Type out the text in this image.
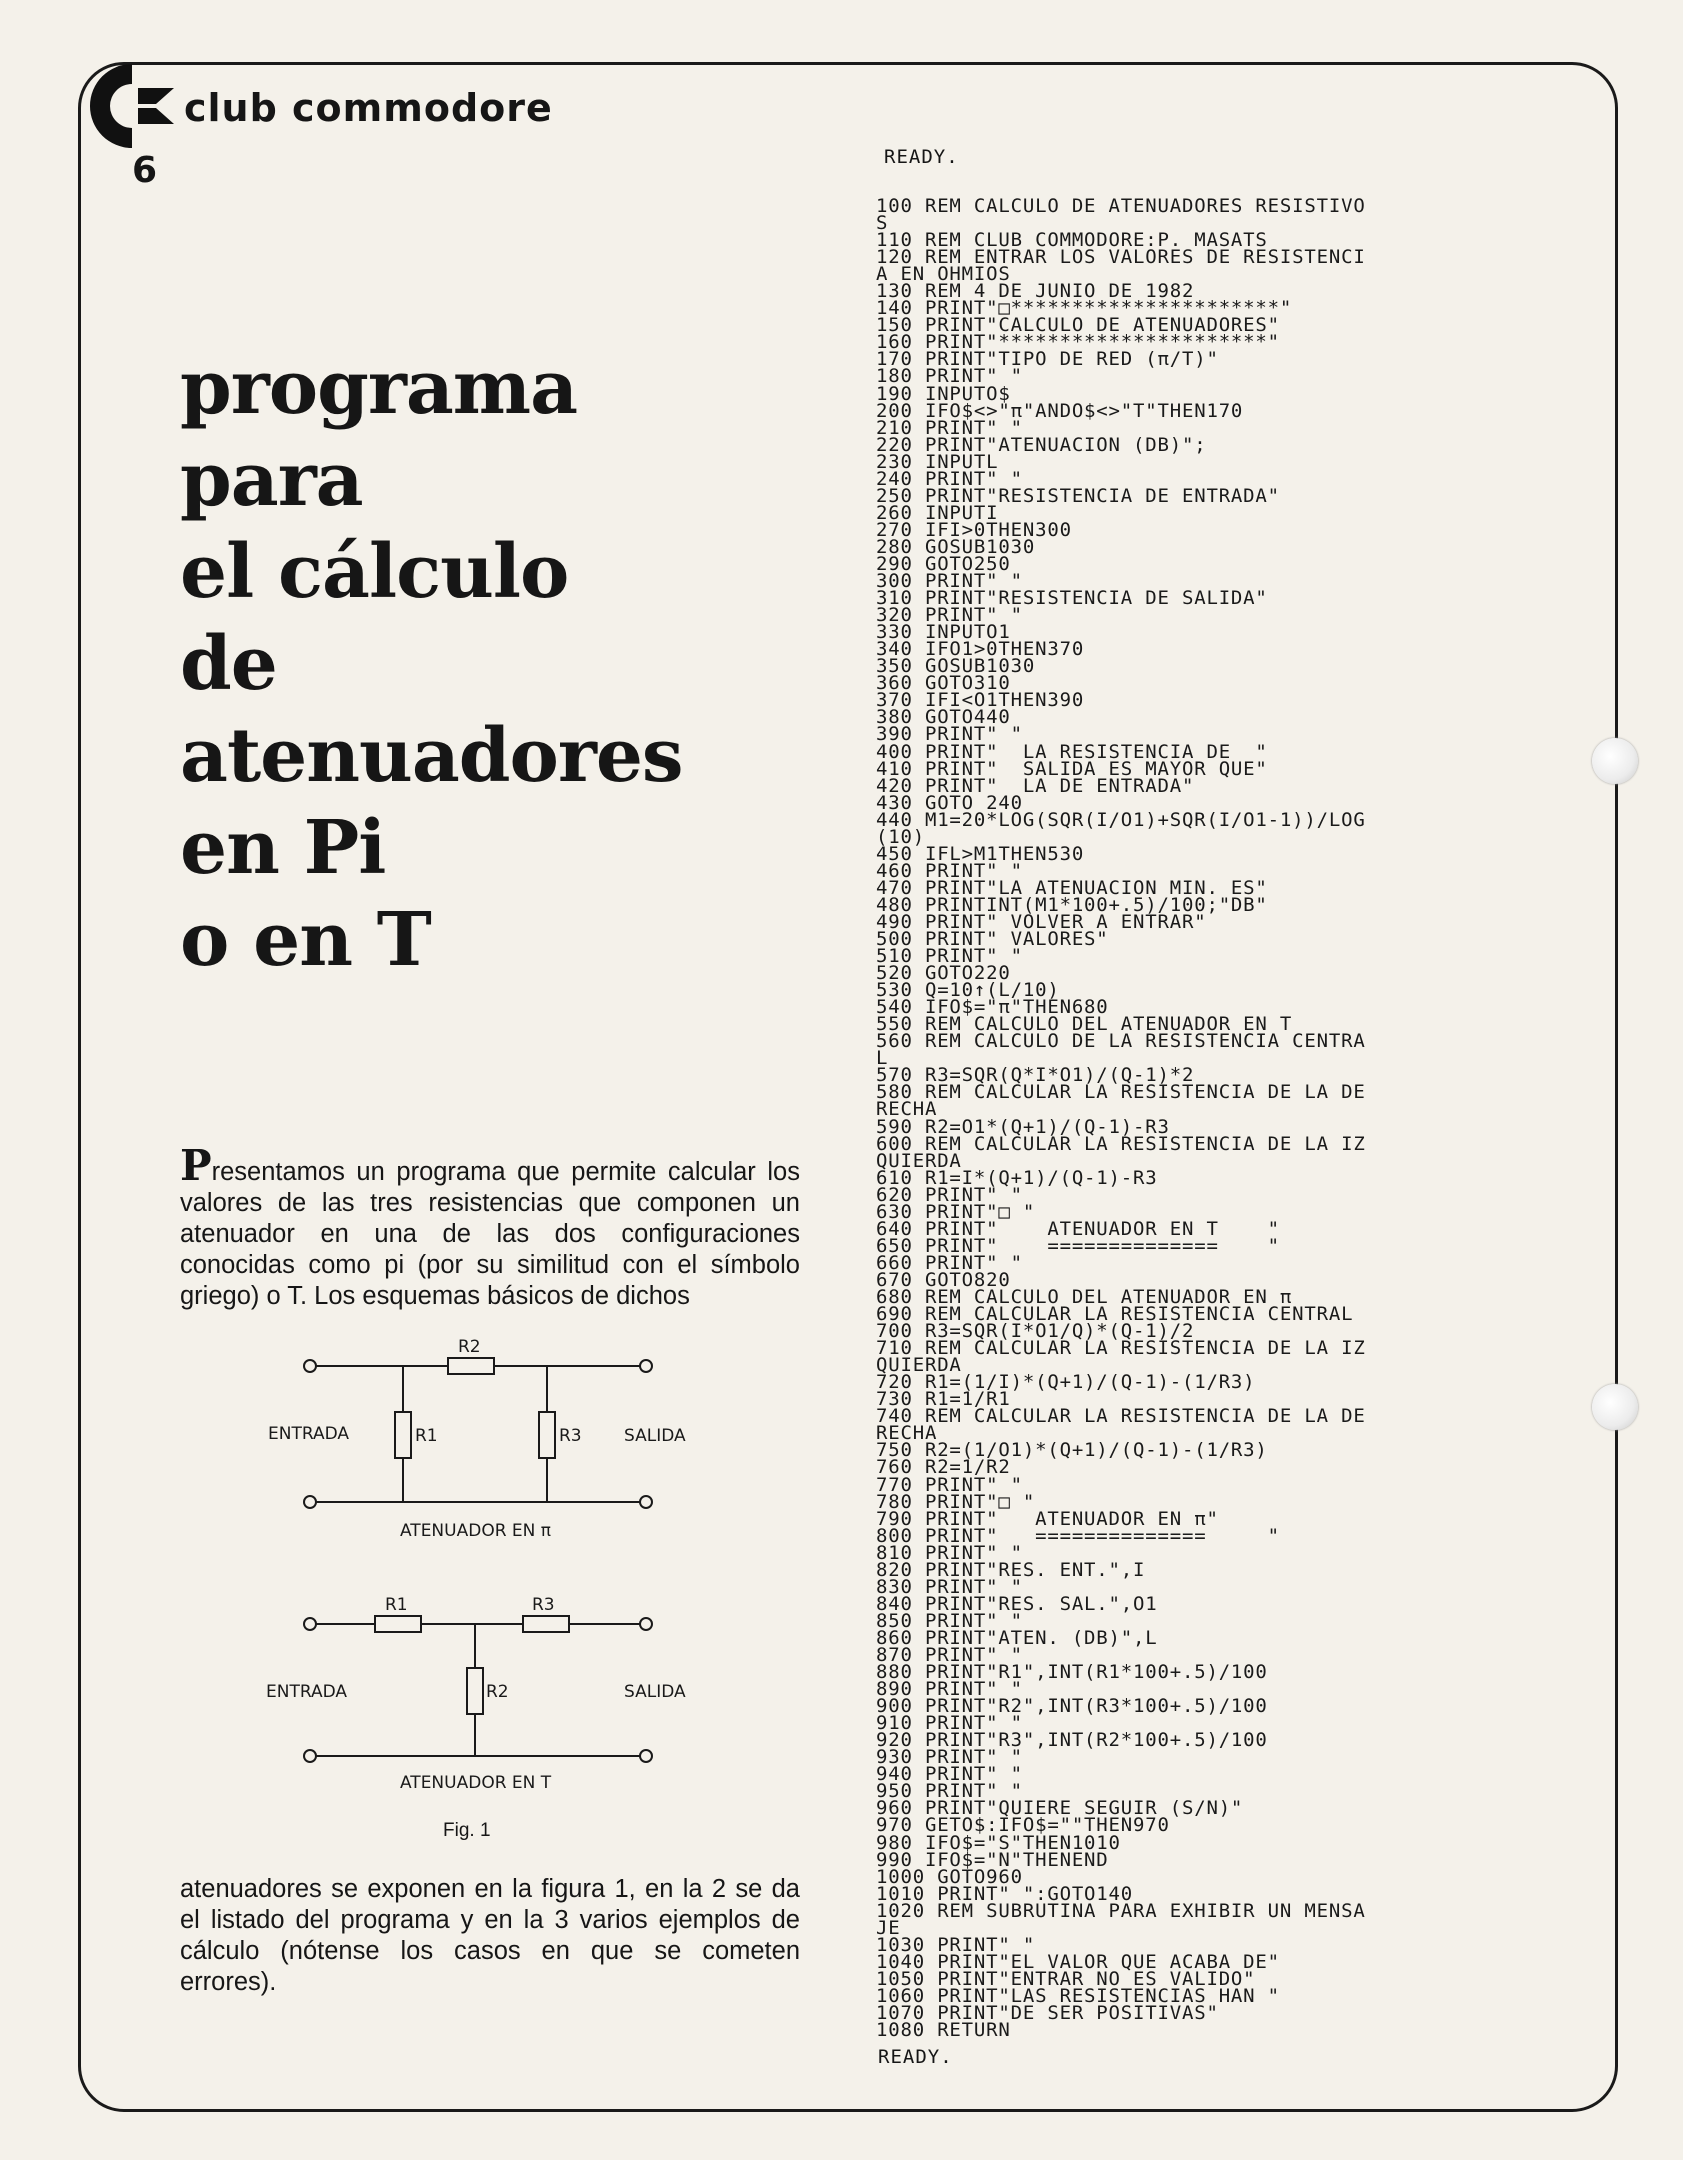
club commodore
6
programa
para
el cálculo
de
atenuadores
en Pi
o en T

Presentamos un programa que permite calcular los valores de las tres resistencias que componen un atenuador en una de las dos configuraciones conocidas como pi (por su similitud con el símbolo griego) o T. Los esquemas básicos de dichos

R2
R1	R3
ENTRADA	SALIDA
ATENUADOR EN π
R1	R3
R2
ENTRADA	SALIDA
ATENUADOR EN T
Fig. 1

atenuadores se exponen en la figura 1, en la 2 se da el listado del programa y en la 3 varios ejemplos de cálculo (nótense los casos en que se cometen errores).

READY.
100 REM CALCULO DE ATENUADORES RESISTIVO
S
110 REM CLUB COMMODORE:P. MASATS
120 REM ENTRAR LOS VALORES DE RESISTENCI
A EN OHMIOS
130 REM 4 DE JUNIO DE 1982
140 PRINT"□**********************"
150 PRINT"CALCULO DE ATENUADORES"
160 PRINT"**********************"
170 PRINT"TIPO DE RED (π/T)"
180 PRINT" "
190 INPUTO$
200 IFO$<>"π"ANDO$<>"T"THEN170
210 PRINT" "
220 PRINT"ATENUACION (DB)";
230 INPUTL
240 PRINT" "
250 PRINT"RESISTENCIA DE ENTRADA"
260 INPUTI
270 IFI>0THEN300
280 GOSUB1030
290 GOTO250
300 PRINT" "
310 PRINT"RESISTENCIA DE SALIDA"
320 PRINT" "
330 INPUTO1
340 IFO1>0THEN370
350 GOSUB1030
360 GOTO310
370 IFI<O1THEN390
380 GOTO440
390 PRINT" "
400 PRINT"  LA RESISTENCIA DE  "
410 PRINT"  SALIDA ES MAYOR QUE"
420 PRINT"  LA DE ENTRADA"
430 GOTO 240
440 M1=20*LOG(SQR(I/O1)+SQR(I/O1-1))/LOG
(10)
450 IFL>M1THEN530
460 PRINT" "
470 PRINT"LA ATENUACION MIN. ES"
480 PRINTINT(M1*100+.5)/100;"DB"
490 PRINT" VOLVER A ENTRAR"
500 PRINT" VALORES"
510 PRINT" "
520 GOTO220
530 Q=10↑(L/10)
540 IFO$="π"THEN680
550 REM CALCULO DEL ATENUADOR EN T
560 REM CALCULO DE LA RESISTENCIA CENTRA
L
570 R3=SQR(Q*I*O1)/(Q-1)*2
580 REM CALCULAR LA RESISTENCIA DE LA DE
RECHA
590 R2=O1*(Q+1)/(Q-1)-R3
600 REM CALCULAR LA RESISTENCIA DE LA IZ
QUIERDA
610 R1=I*(Q+1)/(Q-1)-R3
620 PRINT" "
630 PRINT"□ "
640 PRINT"    ATENUADOR EN T    "
650 PRINT"    ==============    "
660 PRINT" "
670 GOTO820
680 REM CALCULO DEL ATENUADOR EN π
690 REM CALCULAR LA RESISTENCIA CENTRAL
700 R3=SQR(I*O1/Q)*(Q-1)/2
710 REM CALCULAR LA RESISTENCIA DE LA IZ
QUIERDA
720 R1=(1/I)*(Q+1)/(Q-1)-(1/R3)
730 R1=1/R1
740 REM CALCULAR LA RESISTENCIA DE LA DE
RECHA
750 R2=(1/O1)*(Q+1)/(Q-1)-(1/R3)
760 R2=1/R2
770 PRINT" "
780 PRINT"□ "
790 PRINT"   ATENUADOR EN π"
800 PRINT"   ==============     "
810 PRINT" "
820 PRINT"RES. ENT.",I
830 PRINT" "
840 PRINT"RES. SAL.",O1
850 PRINT" "
860 PRINT"ATEN. (DB)",L
870 PRINT" "
880 PRINT"R1",INT(R1*100+.5)/100
890 PRINT" "
900 PRINT"R2",INT(R3*100+.5)/100
910 PRINT" "
920 PRINT"R3",INT(R2*100+.5)/100
930 PRINT" "
940 PRINT" "
950 PRINT" "
960 PRINT"QUIERE SEGUIR (S/N)"
970 GETO$:IFO$=""THEN970
980 IFO$="S"THEN1010
990 IFO$="N"THENEND
1000 GOTO960
1010 PRINT" ":GOTO140
1020 REM SUBRUTINA PARA EXHIBIR UN MENSA
JE
1030 PRINT" "
1040 PRINT"EL VALOR QUE ACABA DE"
1050 PRINT"ENTRAR NO ES VALIDO"
1060 PRINT"LAS RESISTENCIAS HAN "
1070 PRINT"DE SER POSITIVAS"
1080 RETURN
READY.
